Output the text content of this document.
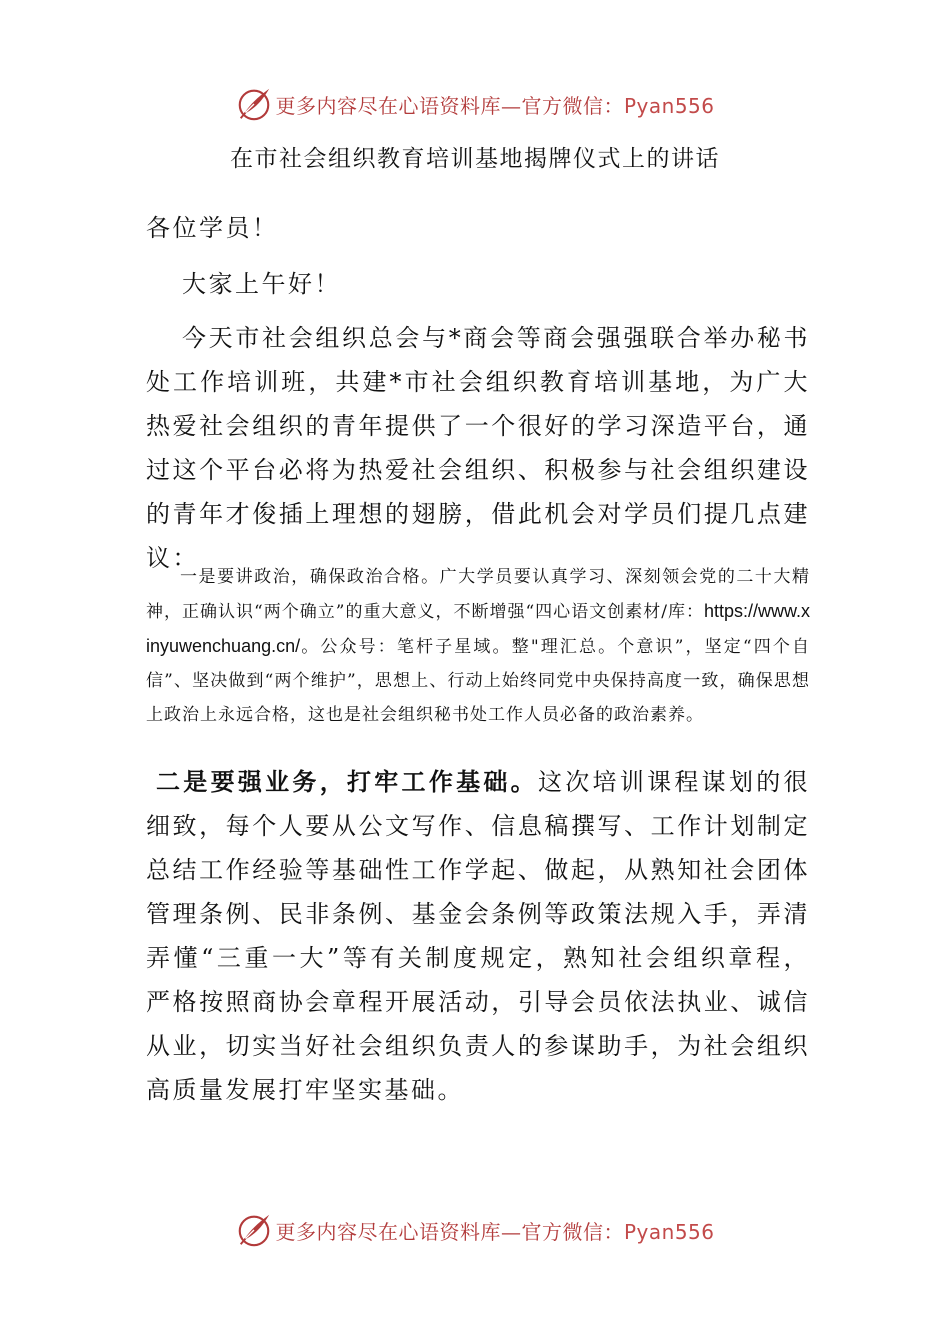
更多内容尽在心语资料库—官方微信：Pyan556
在市社会组织教育培训基地揭牌仪式上的讲话

各位学员！

大家上午好！

今天市社会组织总会与*商会等商会强强联合举办秘书处工作培训班，共建*市社会组织教育培训基地，为广大热爱社会组织的青年提供了一个很好的学习深造平台，通过这个平台必将为热爱社会组织、积极参与社会组织建设的青年才俊插上理想的翅膀，借此机会对学员们提几点建议：

一是要讲政治，确保政治合格。广大学员要认真学习、深刻领会党的二十大精神，正确认识“两个确立”的重大意义，不断增强“四心语文创素材/库：https://www.xinyuwenchuang.cn/。公众号：笔杆子星域。整"理汇总。个意识”，坚定“四个自信”、坚决做到“两个维护”，思想上、行动上始终同党中央保持高度一致，确保思想上政治上永远合格，这也是社会组织秘书处工作人员必备的政治素养。

二是要强业务，打牢工作基础。这次培训课程谋划的很细致，每个人要从公文写作、信息稿撰写、工作计划制定总结工作经验等基础性工作学起、做起，从熟知社会团体管理条例、民非条例、基金会条例等政策法规入手，弄清弄懂“三重一大”等有关制度规定，熟知社会组织章程，严格按照商协会章程开展活动，引导会员依法执业、诚信从业，切实当好社会组织负责人的参谋助手，为社会组织高质量发展打牢坚实基础。

更多内容尽在心语资料库—官方微信：Pyan556
